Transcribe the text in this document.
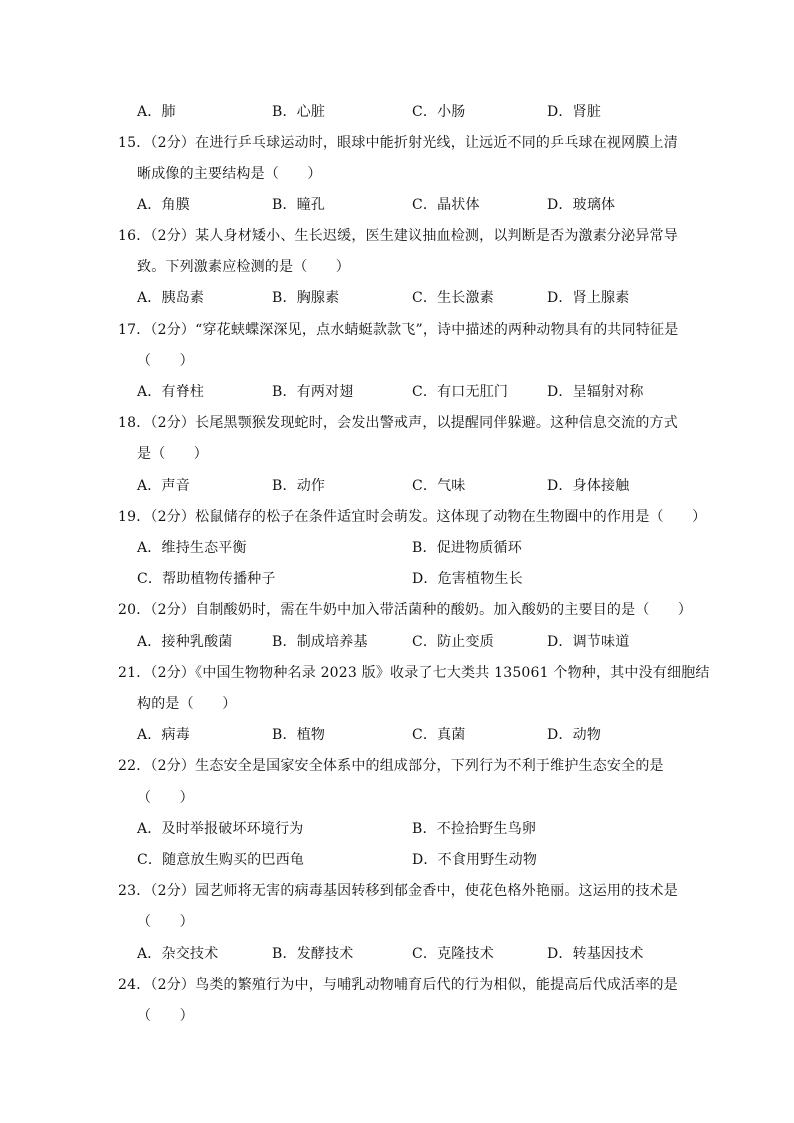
A．肺	B．心脏	C．小肠	D．肾脏
15．（2分）在进行乒乓球运动时，眼球中能折射光线，让远近不同的乒乓球在视网膜上清
晰成像的主要结构是（　　）
A．角膜	B．瞳孔	C．晶状体	D．玻璃体
16．（2分）某人身材矮小、生长迟缓，医生建议抽血检测，以判断是否为激素分泌异常导
致。下列激素应检测的是（　　）
A．胰岛素	B．胸腺素	C．生长激素	D．肾上腺素
17．（2分）“穿花蛱蝶深深见，点水蜻蜓款款飞”，诗中描述的两种动物具有的共同特征是
（　　）
A．有脊柱	B．有两对翅	C．有口无肛门	D．呈辐射对称
18．（2分）长尾黑颚猴发现蛇时，会发出警戒声，以提醒同伴躲避。这种信息交流的方式
是（　　）
A．声音	B．动作	C．气味	D．身体接触
19．（2分）松鼠储存的松子在条件适宜时会萌发。这体现了动物在生物圈中的作用是（　　）
A．维持生态平衡	B．促进物质循环
C．帮助植物传播种子	D．危害植物生长
20．（2分）自制酸奶时，需在牛奶中加入带活菌种的酸奶。加入酸奶的主要目的是（　　）
A．接种乳酸菌	B．制成培养基	C．防止变质	D．调节味道
21．（2分）《中国生物物种名录 2023 版》收录了七大类共 135061 个物种，其中没有细胞结
构的是（　　）
A．病毒	B．植物	C．真菌	D．动物
22．（2分）生态安全是国家安全体系中的组成部分，下列行为不利于维护生态安全的是
（　　）
A．及时举报破坏环境行为	B．不捡拾野生鸟卵
C．随意放生购买的巴西龟	D．不食用野生动物
23．（2分）园艺师将无害的病毒基因转移到郁金香中，使花色格外艳丽。这运用的技术是
（　　）
A．杂交技术	B．发酵技术	C．克隆技术	D．转基因技术
24．（2分）鸟类的繁殖行为中，与哺乳动物哺育后代的行为相似，能提高后代成活率的是
（　　）
